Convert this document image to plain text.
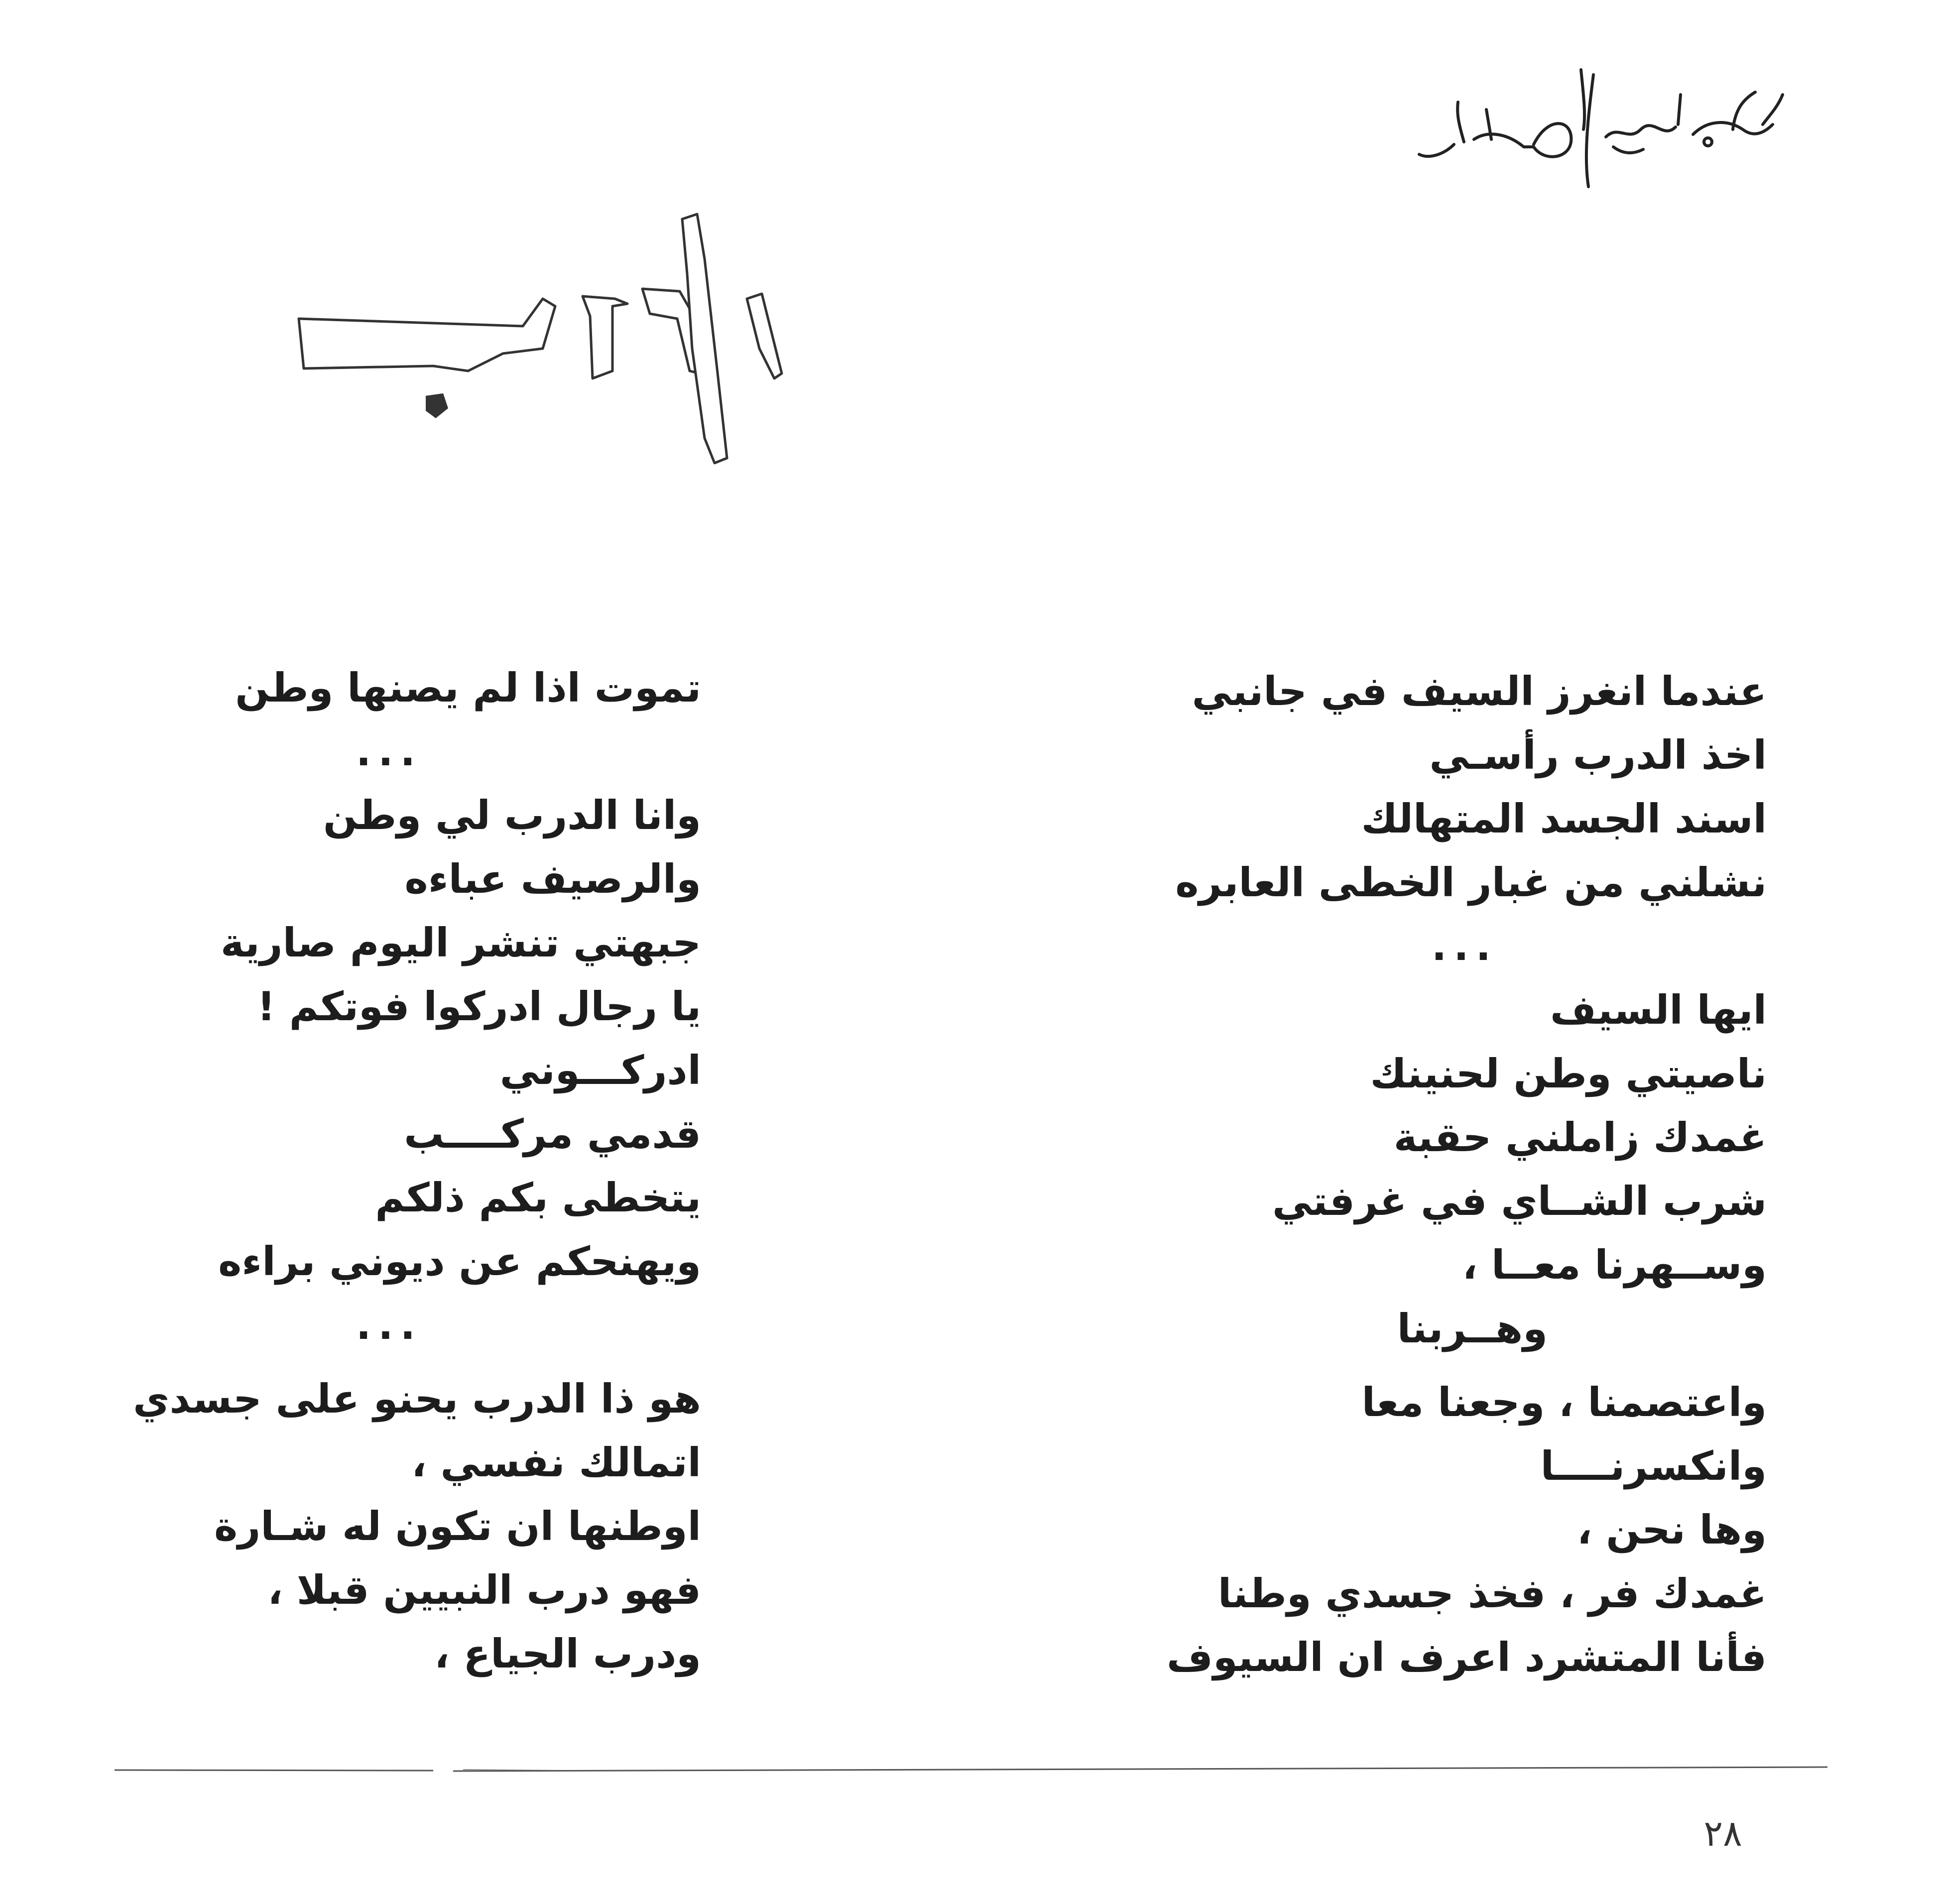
عندما انغرز السيف في جانبي
اخذ الدرب رأسـي
اسند الجسد المتهالك
نشلني من غبار الخطى العابره
...
ايها السيف
ناصيتي وطن لحنينك
غمدك زاملني حقبة
شرب الشــاي في غرفتي
وســهرنا معــا ،
وهــربنا
واعتصمنا ، وجعنا معا
وانكسرنــــا
وها نحن ،
غمدك فر ، فخذ جسدي وطنا
فأنا المتشرد اعرف ان السيوف
تموت اذا لم يصنها وطن
...
وانا الدرب لي وطن
والرصيف عباءه
جبهتي تنشر اليوم صارية
يا رجال ادركوا فوتكم !
ادركـــوني
قدمي مركــــب
يتخطى بكم ذلكم
ويهنحكم عن ديوني براءه
...
هو ذا الدرب يحنو على جسدي
اتمالك نفسي ،
اوطنها ان تكون له شـارة
فهو درب النبيين قبلا ،
ودرب الجياع ،
٢٨
